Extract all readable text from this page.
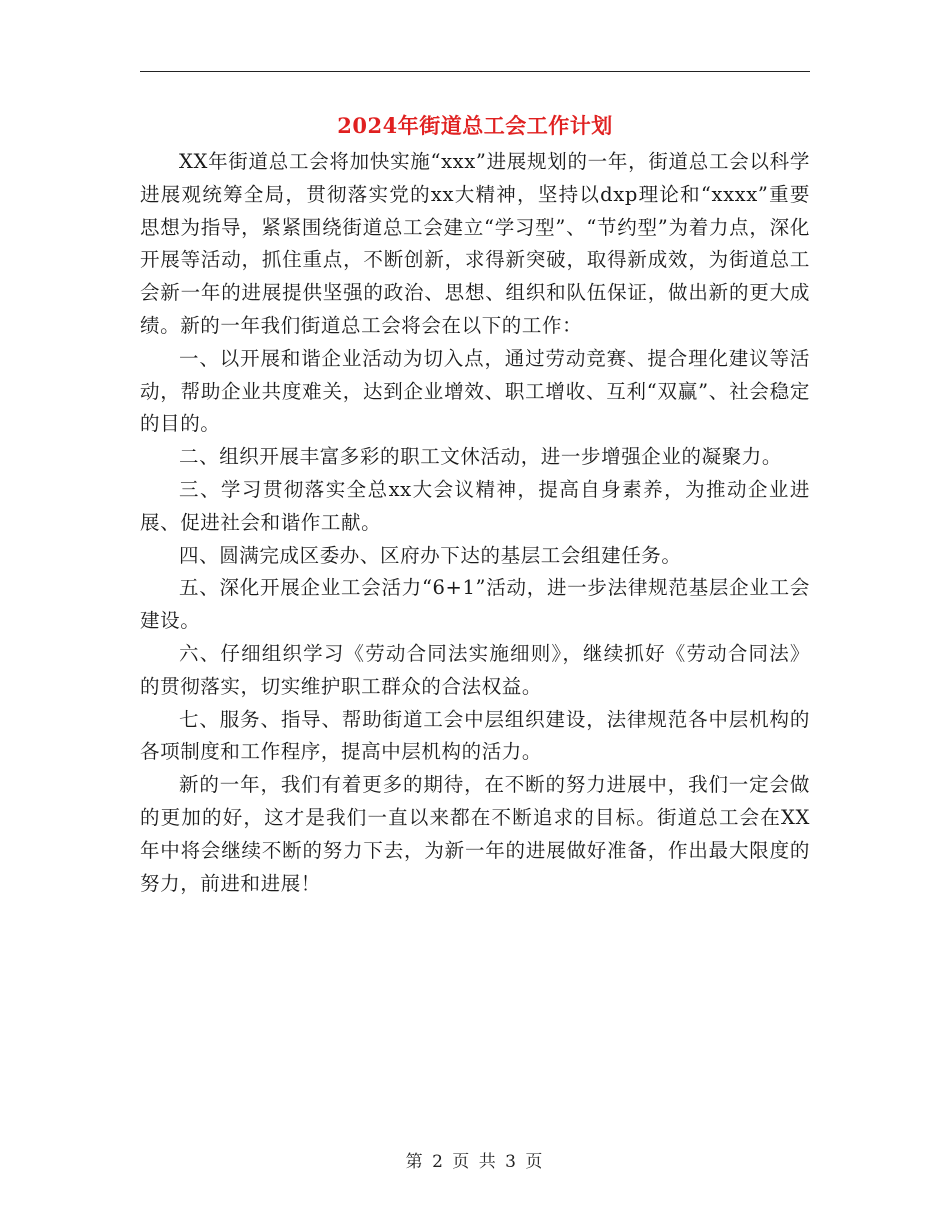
2024年街道总工会工作计划

XX年街道总工会将加快实施“xxx”进展规划的一年，街道总工会以科学进展观统筹全局，贯彻落实党的xx大精神，坚持以dxp理论和“xxxx”重要思想为指导，紧紧围绕街道总工会建立“学习型”、“节约型”为着力点，深化开展等活动，抓住重点，不断创新，求得新突破，取得新成效，为街道总工会新一年的进展提供坚强的政治、思想、组织和队伍保证，做出新的更大成绩。新的一年我们街道总工会将会在以下的工作：

一、以开展和谐企业活动为切入点，通过劳动竞赛、提合理化建议等活动，帮助企业共度难关，达到企业增效、职工增收、互利“双赢”、社会稳定的目的。

二、组织开展丰富多彩的职工文休活动，进一步增强企业的凝聚力。

三、学习贯彻落实全总xx大会议精神，提高自身素养，为推动企业进展、促进社会和谐作工献。

四、圆满完成区委办、区府办下达的基层工会组建任务。

五、深化开展企业工会活力“6+1”活动，进一步法律规范基层企业工会建设。

六、仔细组织学习《劳动合同法实施细则》，继续抓好《劳动合同法》的贯彻落实，切实维护职工群众的合法权益。

七、服务、指导、帮助街道工会中层组织建设，法律规范各中层机构的各项制度和工作程序，提高中层机构的活力。

新的一年，我们有着更多的期待，在不断的努力进展中，我们一定会做的更加的好，这才是我们一直以来都在不断追求的目标。街道总工会在XX年中将会继续不断的努力下去，为新一年的进展做好准备，作出最大限度的努力，前进和进展！

第 2 页 共 3 页
